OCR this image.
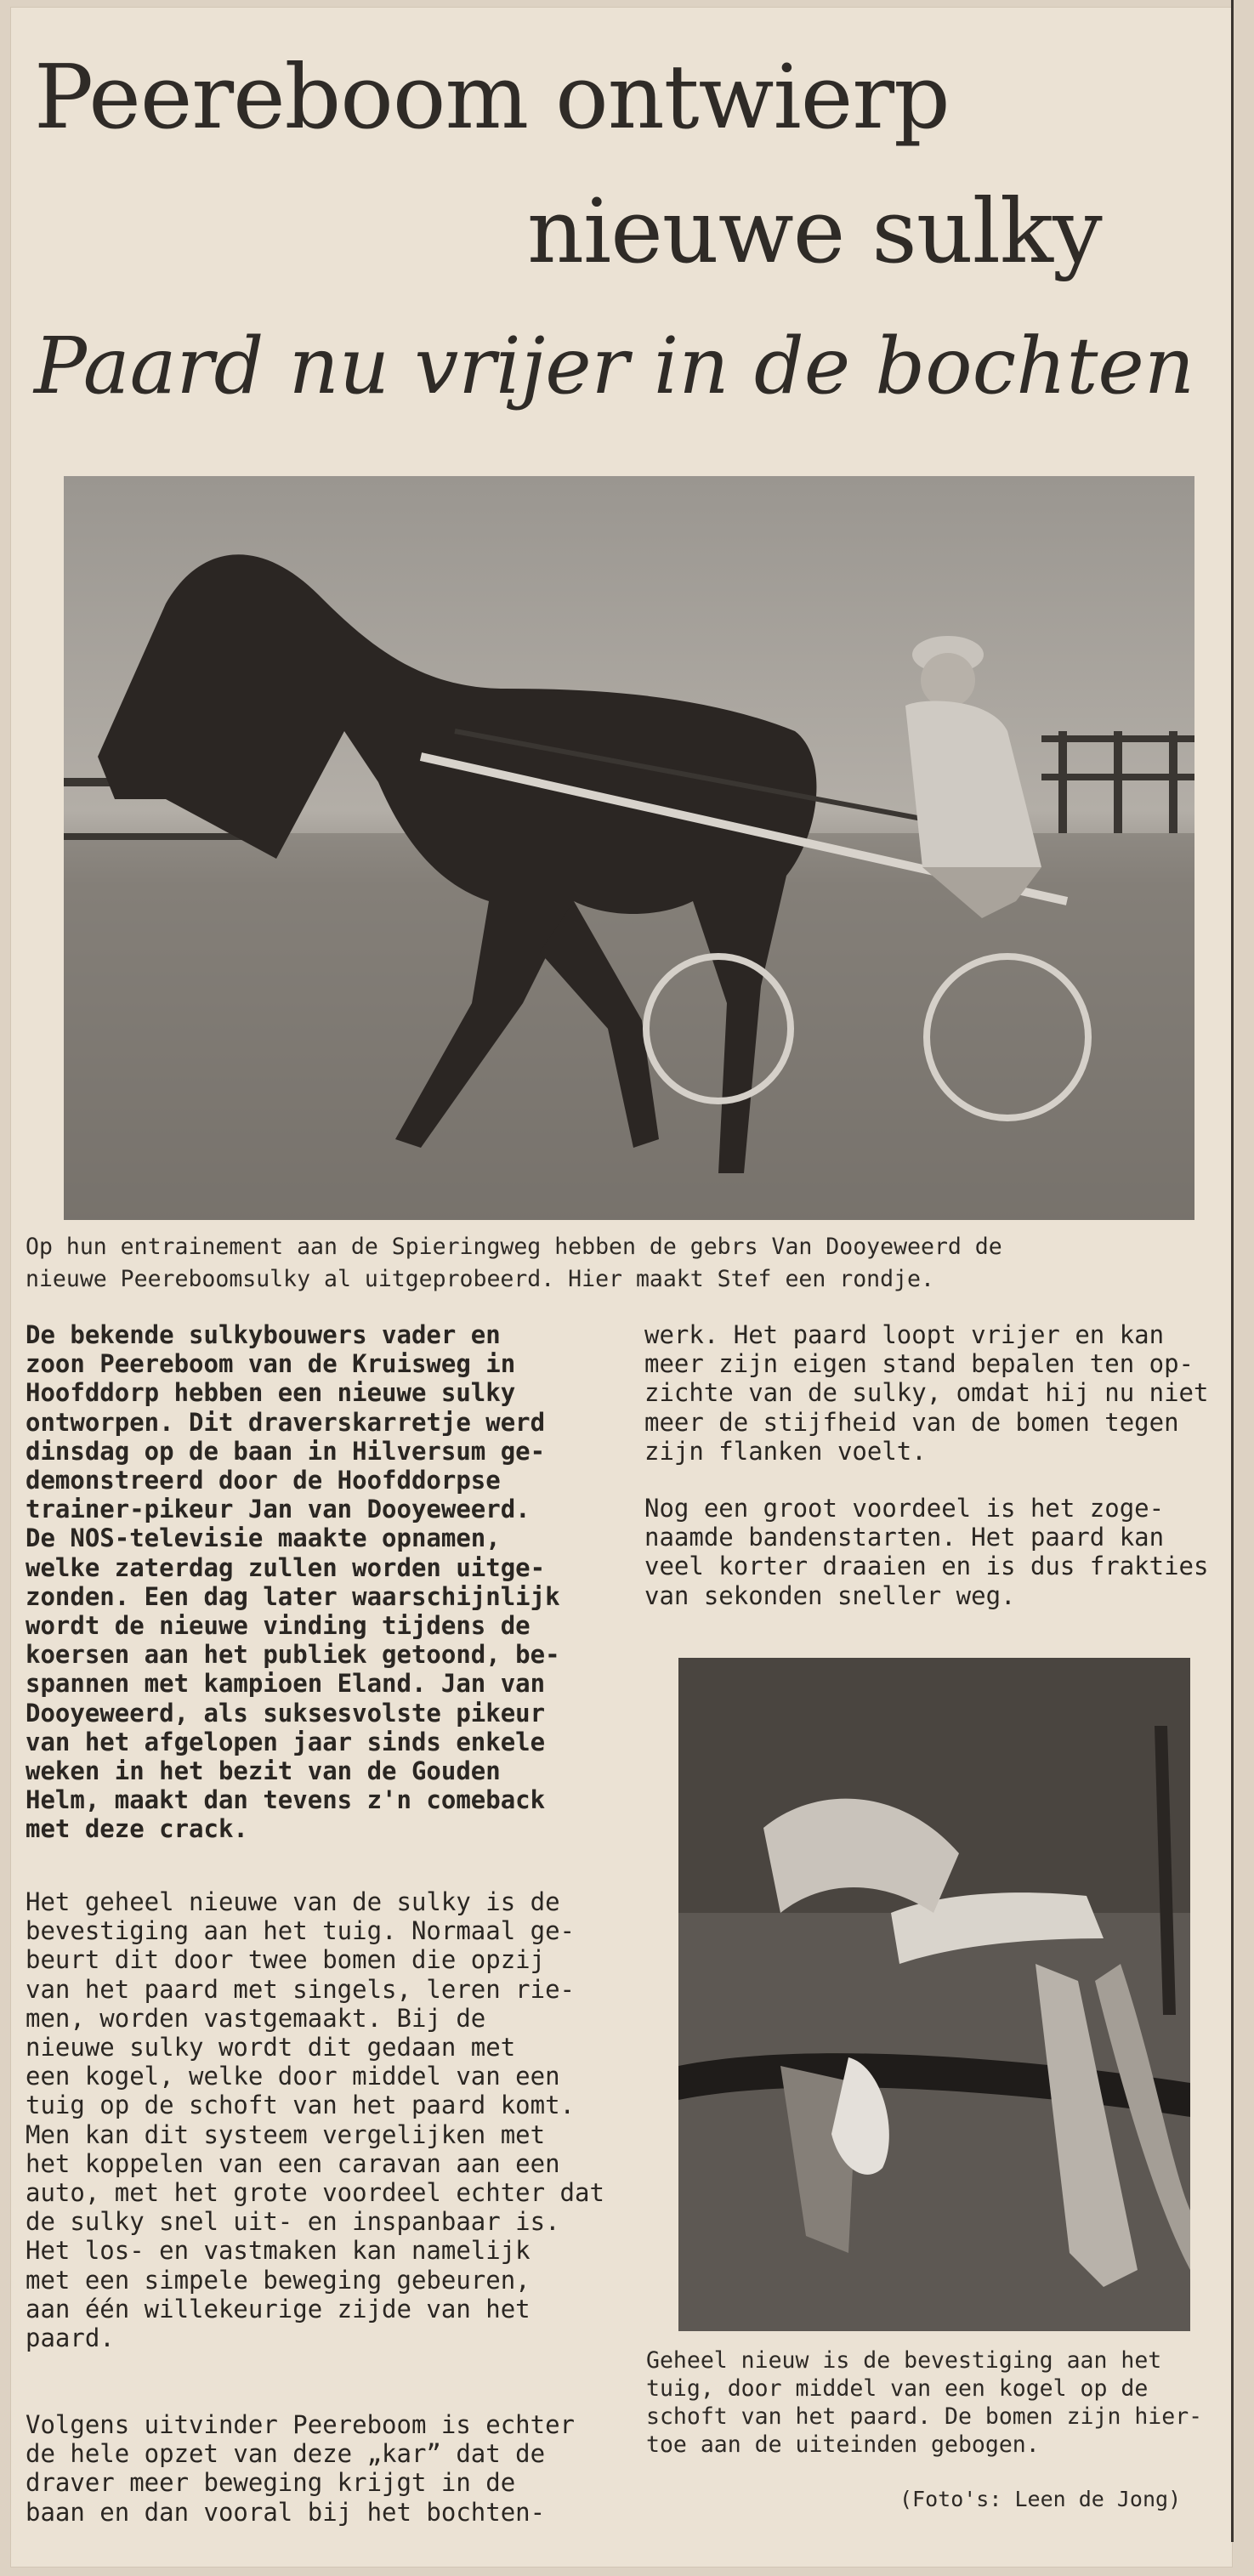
Peereboom ontwierp
nieuwe sulky
Paard nu vrijer in de bochten
Op hun entrainement aan de Spieringweg hebben de gebrs Van Dooyeweerd de
nieuwe Peereboomsulky al uitgeprobeerd. Hier maakt Stef een rondje.
De bekende sulkybouwers vader en
zoon Peereboom van de Kruisweg in
Hoofddorp hebben een nieuwe sulky
ontworpen. Dit draverskarretje werd
dinsdag op de baan in Hilversum ge-
demonstreerd door de Hoofddorpse
trainer-pikeur Jan van Dooyeweerd.
De NOS-televisie maakte opnamen,
welke zaterdag zullen worden uitge-
zonden. Een dag later waarschijnlijk
wordt de nieuwe vinding tijdens de
koersen aan het publiek getoond, be-
spannen met kampioen Eland. Jan van
Dooyeweerd, als suksesvolste pikeur
van het afgelopen jaar sinds enkele
weken in het bezit van de Gouden
Helm, maakt dan tevens z'n comeback
met deze crack.
Het geheel nieuwe van de sulky is de
bevestiging aan het tuig. Normaal ge-
beurt dit door twee bomen die opzij
van het paard met singels, leren rie-
men, worden vastgemaakt. Bij de
nieuwe sulky wordt dit gedaan met
een kogel, welke door middel van een
tuig op de schoft van het paard komt.
Men kan dit systeem vergelijken met
het koppelen van een caravan aan een
auto, met het grote voordeel echter dat
de sulky snel uit- en inspanbaar is.
Het los- en vastmaken kan namelijk
met een simpele beweging gebeuren,
aan één willekeurige zijde van het
paard.
Volgens uitvinder Peereboom is echter
de hele opzet van deze „kar” dat de
draver meer beweging krijgt in de
baan en dan vooral bij het bochten-
werk. Het paard loopt vrijer en kan
meer zijn eigen stand bepalen ten op-
zichte van de sulky, omdat hij nu niet
meer de stijfheid van de bomen tegen
zijn flanken voelt.
Nog een groot voordeel is het zoge-
naamde bandenstarten. Het paard kan
veel korter draaien en is dus frakties
van sekonden sneller weg.
Geheel nieuw is de bevestiging aan het
tuig, door middel van een kogel op de
schoft van het paard. De bomen zijn hier-
toe aan de uiteinden gebogen.
(Foto's: Leen de Jong)
